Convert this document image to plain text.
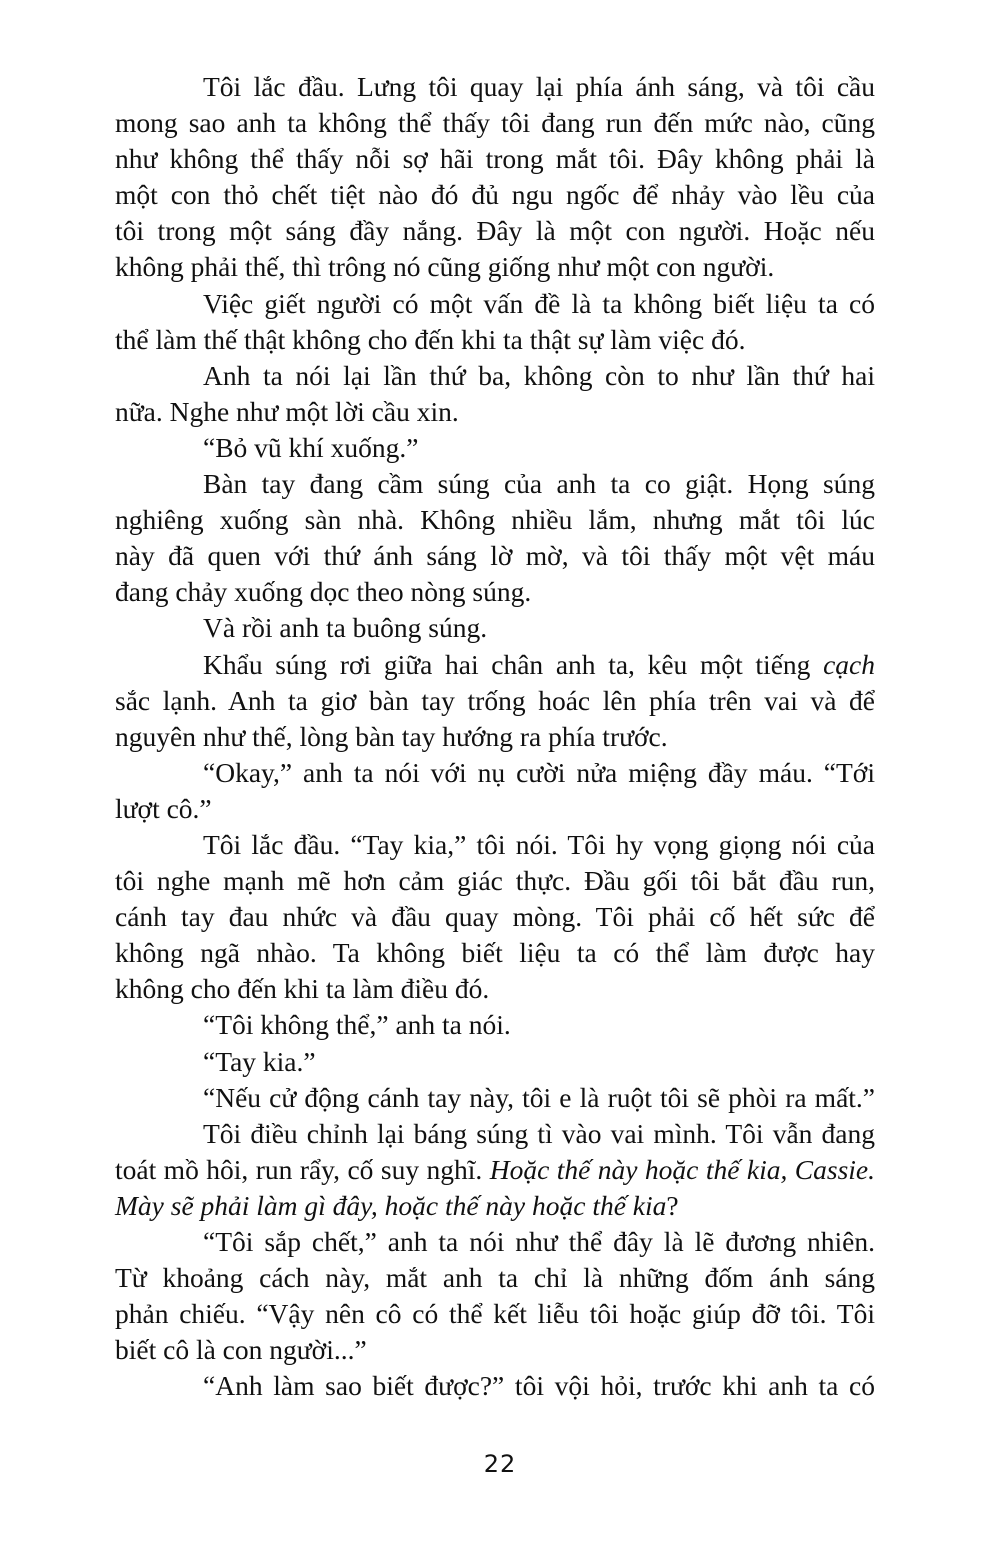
Tôi lắc đầu. Lưng tôi quay lại phía ánh sáng, và tôi cầu
mong sao anh ta không thể thấy tôi đang run đến mức nào, cũng
như không thể thấy nỗi sợ hãi trong mắt tôi. Đây không phải là
một con thỏ chết tiệt nào đó đủ ngu ngốc để nhảy vào lều của
tôi trong một sáng đầy nắng. Đây là một con người. Hoặc nếu
không phải thế, thì trông nó cũng giống như một con người.
Việc giết người có một vấn đề là ta không biết liệu ta có
thể làm thế thật không cho đến khi ta thật sự làm việc đó.
Anh ta nói lại lần thứ ba, không còn to như lần thứ hai
nữa. Nghe như một lời cầu xin.
“Bỏ vũ khí xuống.”
Bàn tay đang cầm súng của anh ta co giật. Họng súng
nghiêng xuống sàn nhà. Không nhiều lắm, nhưng mắt tôi lúc
này đã quen với thứ ánh sáng lờ mờ, và tôi thấy một vệt máu
đang chảy xuống dọc theo nòng súng.
Và rồi anh ta buông súng.
Khẩu súng rơi giữa hai chân anh ta, kêu một tiếng cạch
sắc lạnh. Anh ta giơ bàn tay trống hoác lên phía trên vai và để
nguyên như thế, lòng bàn tay hướng ra phía trước.
“Okay,” anh ta nói với nụ cười nửa miệng đầy máu. “Tới
lượt cô.”
Tôi lắc đầu. “Tay kia,” tôi nói. Tôi hy vọng giọng nói của
tôi nghe mạnh mẽ hơn cảm giác thực. Đầu gối tôi bắt đầu run,
cánh tay đau nhức và đầu quay mòng. Tôi phải cố hết sức để
không ngã nhào. Ta không biết liệu ta có thể làm được hay
không cho đến khi ta làm điều đó.
“Tôi không thể,” anh ta nói.
“Tay kia.”
“Nếu cử động cánh tay này, tôi e là ruột tôi sẽ phòi ra mất.”
Tôi điều chỉnh lại báng súng tì vào vai mình. Tôi vẫn đang
toát mồ hôi, run rẩy, cố suy nghĩ. Hoặc thế này hoặc thế kia, Cassie.
Mày sẽ phải làm gì đây, hoặc thế này hoặc thế kia?
“Tôi sắp chết,” anh ta nói như thể đây là lẽ đương nhiên.
Từ khoảng cách này, mắt anh ta chỉ là những đốm ánh sáng
phản chiếu. “Vậy nên cô có thể kết liễu tôi hoặc giúp đỡ tôi. Tôi
biết cô là con người...”
“Anh làm sao biết được?” tôi vội hỏi, trước khi anh ta có
22
